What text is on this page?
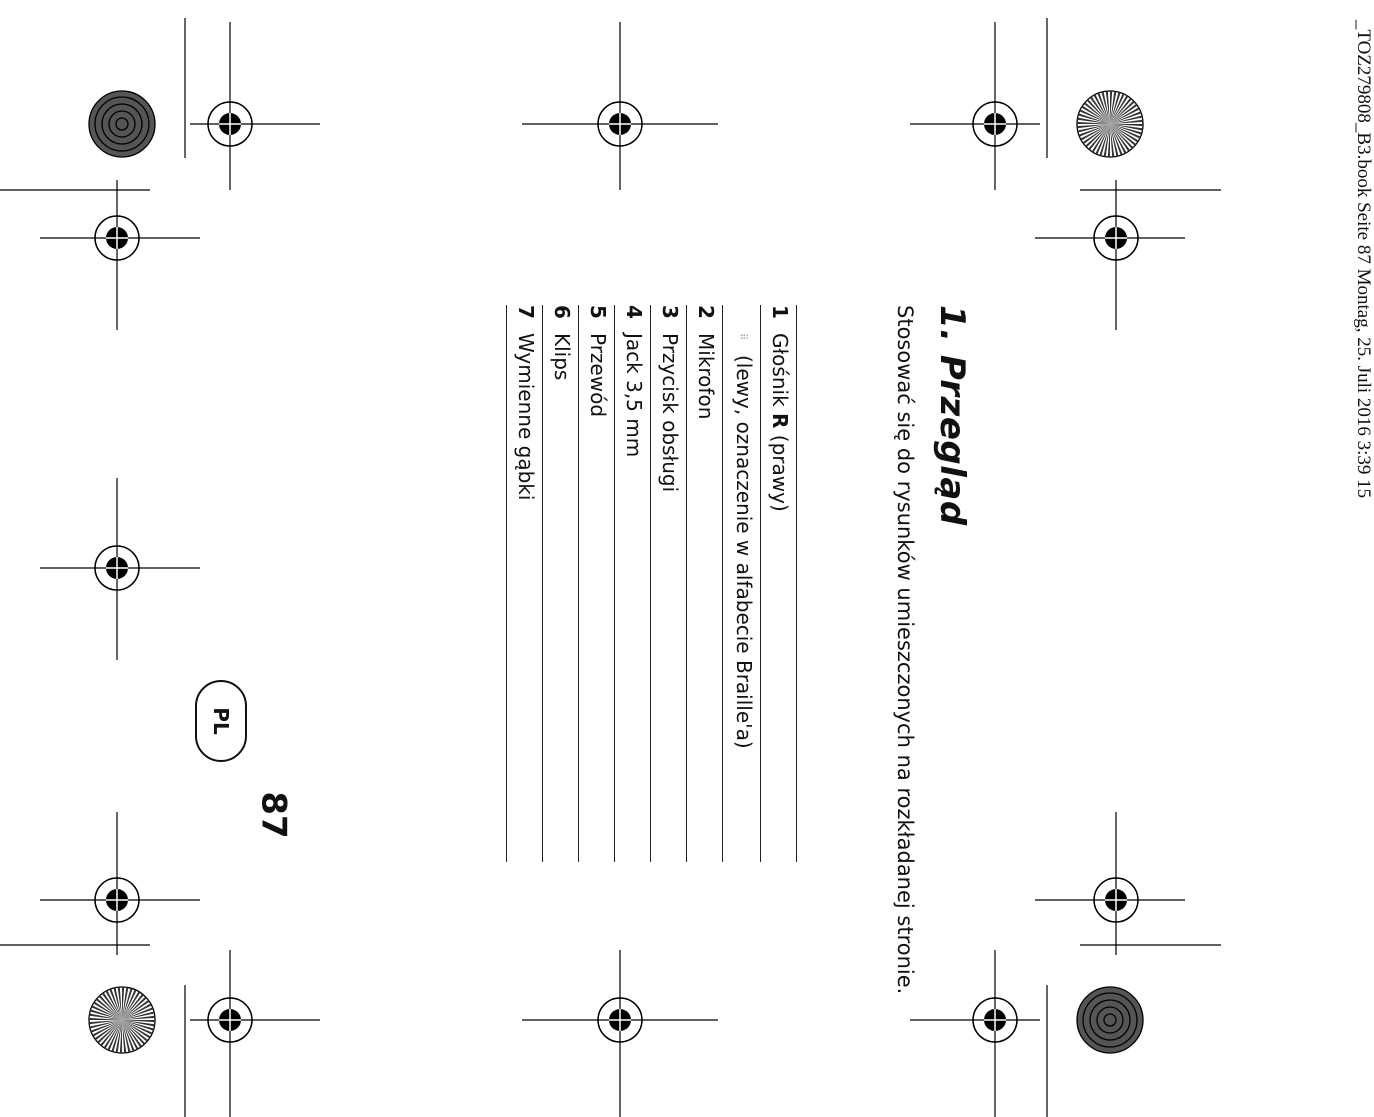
_TOZ279808_B3.book Seite 87 Montag, 25. Juli 2016 3:39 15
1. Przegląd

Stosować się do rysunków umieszczonych na rozkładanej stronie.

1	Głośnik R (prawy)
	⠿(lewy, oznaczenie w alfabecie Braille'a)
2	Mikrofon
3	Przycisk obsługi
4	Jack 3,5 mm
5	Przewód
6	Klips
7	Wymienne gąbki
PL
87
